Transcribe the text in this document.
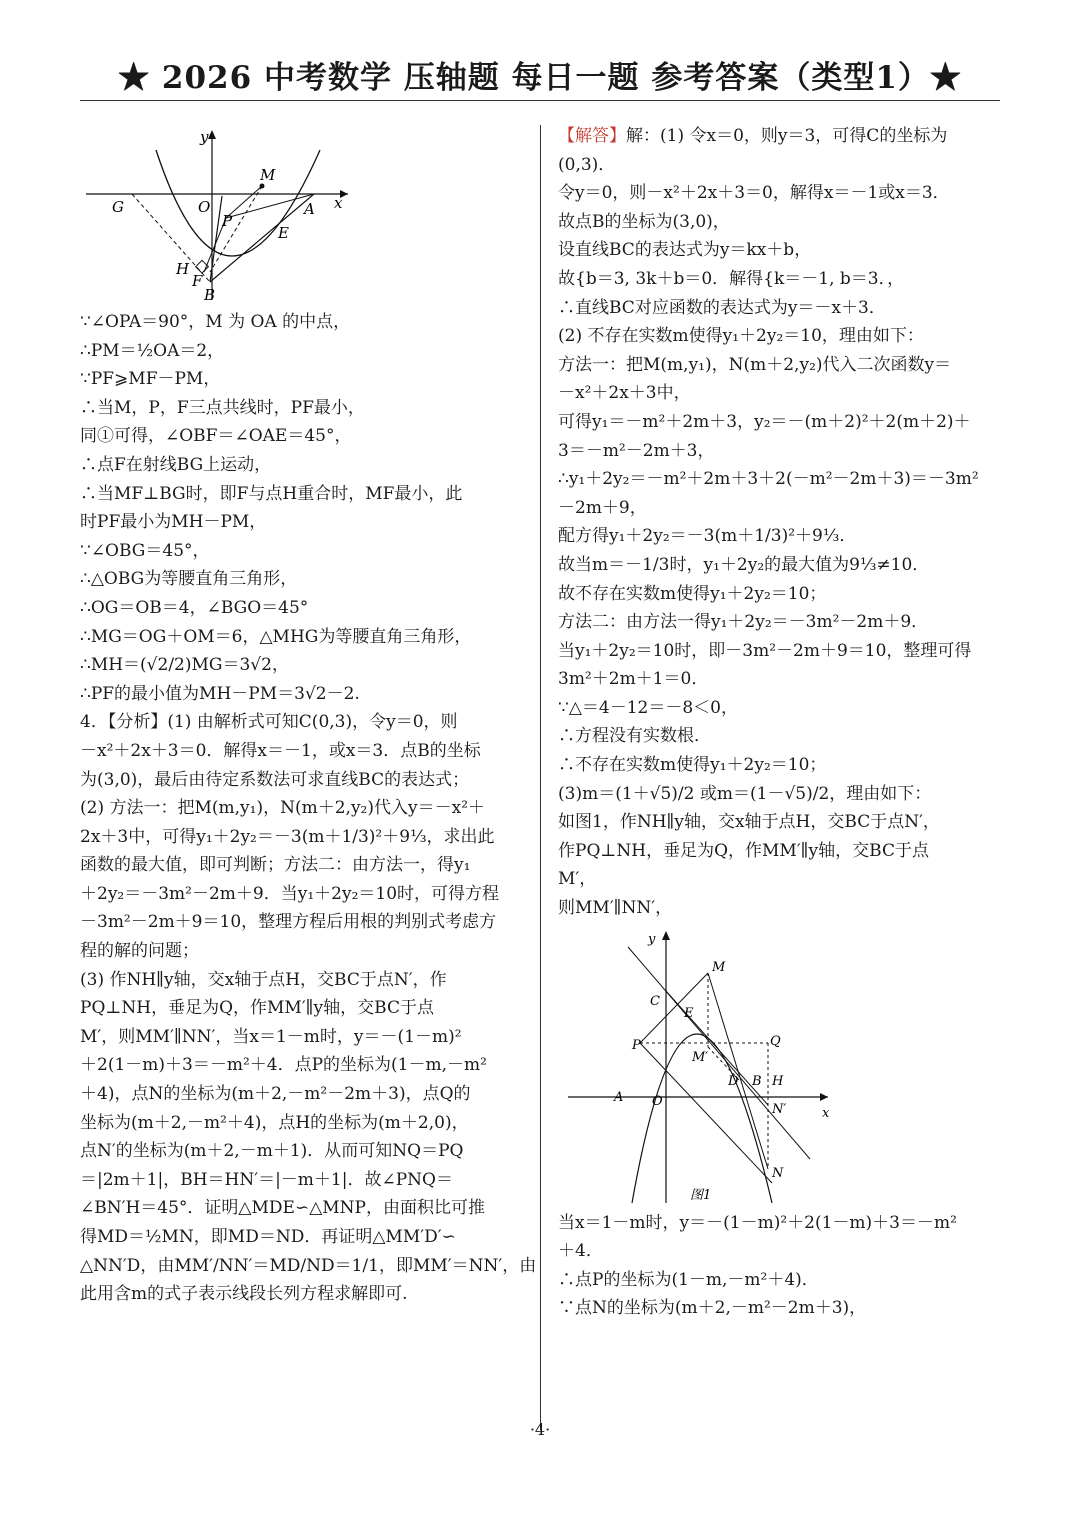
★ 2026 中考数学 压轴题 每日一题 参考答案（类型1）★
y
x
M
G	O
P
A
E
H
F
B
∵∠OPA＝90°，M 为 OA 的中点，
∴PM＝½OA＝2，
∵PF⩾MF－PM，
∴当M，P，F三点共线时，PF最小，
同①可得，∠OBF＝∠OAE＝45°，
∴点F在射线BG上运动，
∴当MF⊥BG时，即F与点H重合时，MF最小，此
时PF最小为MH－PM，
∵∠OBG＝45°，
∴△OBG为等腰直角三角形，
∴OG＝OB＝4，∠BGO＝45°
∴MG＝OG＋OM＝6，△MHG为等腰直角三角形，
∴MH＝(√2/2)MG＝3√2，
∴PF的最小值为MH－PM＝3√2－2.
4．【分析】(1) 由解析式可知C(0,3)，令y＝0，则
－x²＋2x＋3＝0．解得x＝－1，或x＝3．点B的坐标
为(3,0)，最后由待定系数法可求直线BC的表达式；
(2) 方法一：把M(m,y₁)，N(m＋2,y₂)代入y＝－x²＋
2x＋3中，可得y₁＋2y₂＝－3(m＋1/3)²＋9⅓，求出此
函数的最大值，即可判断；方法二：由方法一，得y₁
＋2y₂＝－3m²－2m＋9．当y₁＋2y₂＝10时，可得方程
－3m²－2m＋9＝10，整理方程后用根的判别式考虑方
程的解的问题；
(3) 作NH∥y轴，交x轴于点H，交BC于点N′，作
PQ⊥NH，垂足为Q，作MM′∥y轴，交BC于点
M′，则MM′∥NN′，当x＝1－m时，y＝－(1－m)²
＋2(1－m)＋3＝－m²＋4．点P的坐标为(1－m,－m²
＋4)，点N的坐标为(m＋2,－m²－2m＋3)，点Q的
坐标为(m＋2,－m²＋4)，点H的坐标为(m＋2,0)，
点N′的坐标为(m＋2,－m＋1)．从而可知NQ＝PQ
＝|2m＋1|，BH＝HN′＝|－m＋1|．故∠PNQ＝
∠BN′H＝45°．证明△MDE∽△MNP，由面积比可推
得MD＝½MN，即MD＝ND．再证明△MM′D′∽
△NN′D，由MM′/NN′＝MD/ND＝1/1，即MM′＝NN′，由
此用含m的式子表示线段长列方程求解即可.
【解答】解：(1) 令x＝0，则y＝3，可得C的坐标为
(0,3)．
令y＝0，则－x²＋2x＋3＝0，解得x＝－1或x＝3．
故点B的坐标为(3,0)，
设直线BC的表达式为y＝kx＋b，
故{b＝3, 3k＋b＝0．解得{k＝－1, b＝3．，
∴直线BC对应函数的表达式为y＝－x＋3．
(2) 不存在实数m使得y₁＋2y₂＝10，理由如下：
方法一：把M(m,y₁)，N(m＋2,y₂)代入二次函数y＝
－x²＋2x＋3中，
可得y₁＝－m²＋2m＋3，y₂＝－(m＋2)²＋2(m＋2)＋
3＝－m²－2m＋3，
∴y₁＋2y₂＝－m²＋2m＋3＋2(－m²－2m＋3)＝－3m²
－2m＋9，
配方得y₁＋2y₂＝－3(m＋1/3)²＋9⅓．
故当m＝－1/3时，y₁＋2y₂的最大值为9⅓≠10．
故不存在实数m使得y₁＋2y₂＝10；
方法二：由方法一得y₁＋2y₂＝－3m²－2m＋9．
当y₁＋2y₂＝10时，即－3m²－2m＋9＝10，整理可得
3m²＋2m＋1＝0．
∵△＝4－12＝－8＜0，
∴方程没有实数根．
∴不存在实数m使得y₁＋2y₂＝10；
(3)m＝(1＋√5)/2 或m＝(1－√5)/2，理由如下：
如图1，作NH∥y轴，交x轴于点H，交BC于点N′，
作PQ⊥NH，垂足为Q，作MM′∥y轴，交BC于点
M′，
则MM′∥NN′，
y
x
M
C
E
P	Q
M′
D B H
A O
N′
N
图1
当x＝1－m时，y＝－(1－m)²＋2(1－m)＋3＝－m²
＋4．
∴点P的坐标为(1－m,－m²＋4)．
∵点N的坐标为(m＋2,－m²－2m＋3)，
·4·
